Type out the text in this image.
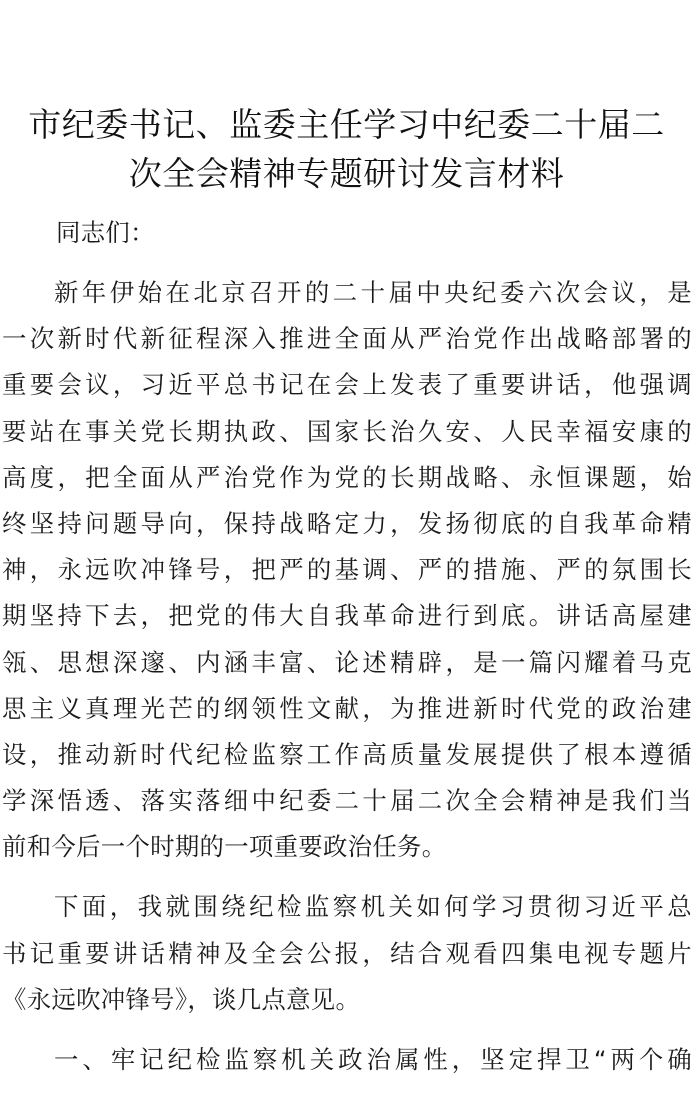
市纪委书记、监委主任学习中纪委二十届二
次全会精神专题研讨发言材料
同志们：

新年伊始在北京召开的二十届中央纪委六次会议，是
一次新时代新征程深入推进全面从严治党作出战略部署的
重要会议，习近平总书记在会上发表了重要讲话，他强调
要站在事关党长期执政、国家长治久安、人民幸福安康的
高度，把全面从严治党作为党的长期战略、永恒课题，始
终坚持问题导向，保持战略定力，发扬彻底的自我革命精
神，永远吹冲锋号，把严的基调、严的措施、严的氛围长
期坚持下去，把党的伟大自我革命进行到底。讲话高屋建
瓴、思想深邃、内涵丰富、论述精辟，是一篇闪耀着马克
思主义真理光芒的纲领性文献，为推进新时代党的政治建
设，推动新时代纪检监察工作高质量发展提供了根本遵循
学深悟透、落实落细中纪委二十届二次全会精神是我们当
前和今后一个时期的一项重要政治任务。

下面，我就围绕纪检监察机关如何学习贯彻习近平总
书记重要讲话精神及全会公报，结合观看四集电视专题片
《永远吹冲锋号》，谈几点意见。

一、牢记纪检监察机关政治属性，坚定捍卫“两个确
